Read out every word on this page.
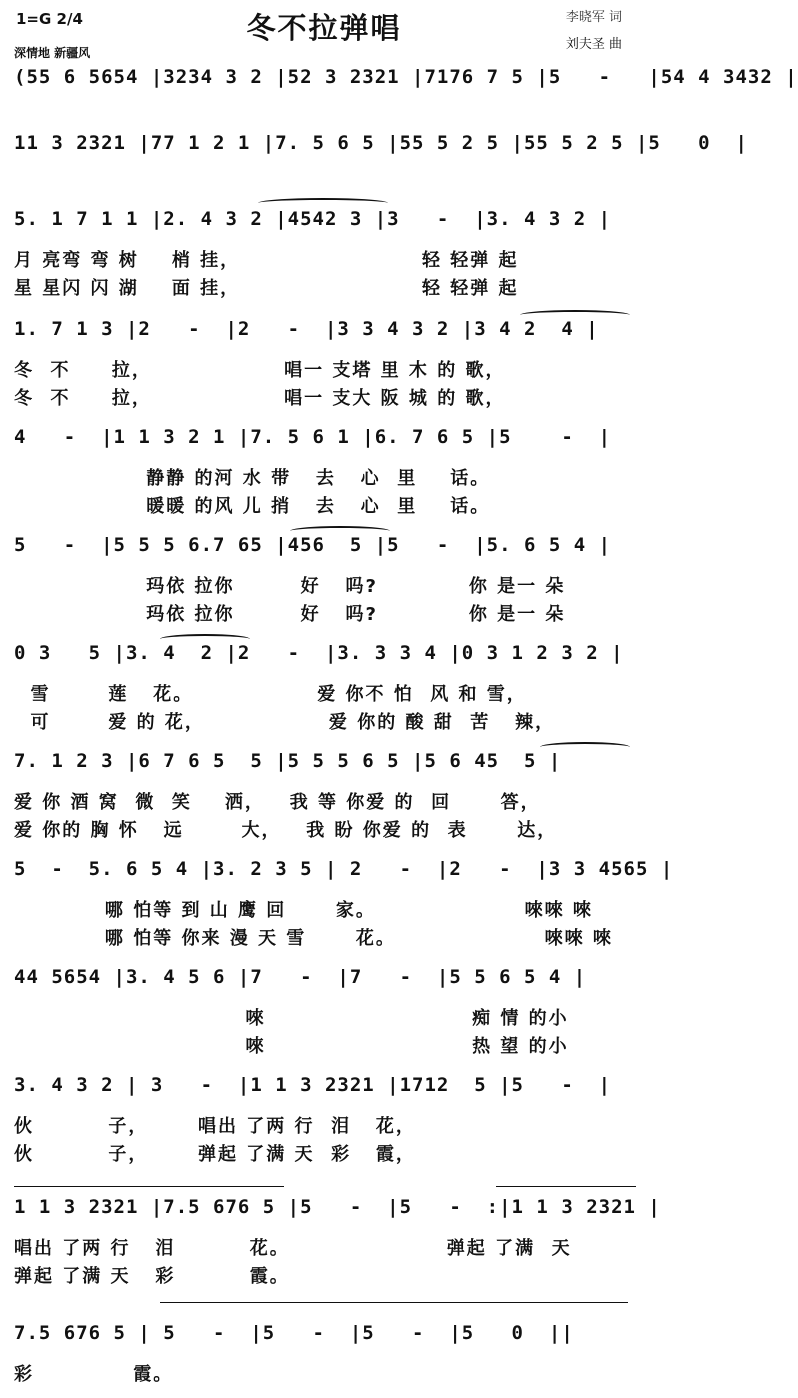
1=G 2/4
深情地 新疆风
冬不拉弹唱	李晓军 词
刘夫圣 曲
(55 6 5654 |3234 3 2 |52 3 2321 |7176 7 5 |5   -   |54 4 3432 |
11 3 2321 |77 1 2 1 |7. 5 6 5 |55 5 2 5 |55 5 2 5 |5   0  |
5. 1 7 1 1 |2. 4 3 2 |4542 3 |3   -  |3. 4 3 2 |
月 亮弯 弯 树    梢 挂，                      轻 轻弹 起
星 星闪 闪 湖    面 挂，                      轻 轻弹 起
1. 7 1 3 |2   -  |2   -  |3 3 4 3 2 |3 4 2  4 |
冬  不     拉，                唱一 支塔 里 木 的 歌，
冬  不     拉，                唱一 支大 阪 城 的 歌，
4   -  |1 1 3 2 1 |7. 5 6 1 |6. 7 6 5 |5    -  |
静静 的河 水 带   去   心  里    话。
暖暖 的风 儿 捎   去   心  里    话。
5   -  |5 5 5 6.7 65 |456  5 |5   -  |5. 6 5 4 |
玛依 拉你        好   吗?           你 是一 朵
玛依 拉你        好   吗?           你 是一 朵
0 3   5 |3. 4  2 |2   -  |3. 3 3 4 |0 3 1 2 3 2 |
雪       莲   花。               爱 你不 怕  风 和 雪，
可       爱 的 花，               爱 你的 酸 甜  苦   辣，
7. 1 2 3 |6 7 6 5  5 |5 5 5 6 5 |5 6 45  5 |
爱 你 酒 窝  微  笑    洒，   我 等 你爱 的  回      答，
爱 你的 胸 怀   远       大，   我 盼 你爱 的  表      达，
5  -  5. 6 5 4 |3. 2 3 5 | 2   -  |2   -  |3 3 4565 |
哪 怕等 到 山 鹰 回      家。                  唻唻 唻
哪 怕等 你来 漫 天 雪      花。                  唻唻 唻
44 5654 |3. 4 5 6 |7   -  |7   -  |5 5 6 5 4 |
唻                         痴 情 的小
唻                         热 望 的小
3. 4 3 2 | 3   -  |1 1 3 2321 |1712  5 |5   -  |
伙         子，      唱出 了两 行  泪   花，
伙         子，      弹起 了满 天  彩   霞，
1 1 3 2321 |7.5 676 5 |5   -  |5   -  :|1 1 3 2321 |
唱出 了两 行   泪         花。                   弹起 了满  天
弹起 了满 天   彩         霞。
7.5 676 5 | 5   -  |5   -  |5   -  |5   0  ||
彩            霞。
